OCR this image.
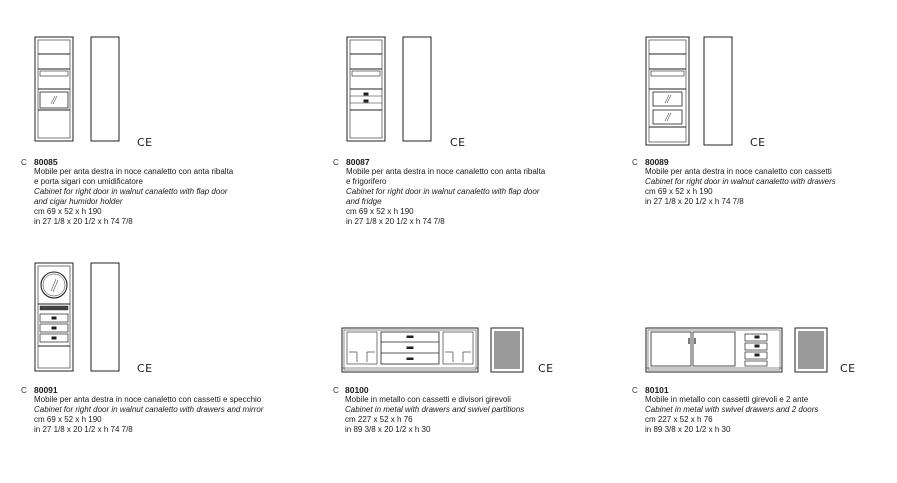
CE	CE	CE
C 80085
Mobile per anta destra in noce canaletto con anta ribalta
e porta sigari con umidificatore
Cabinet for right door in walnut canaletto with flap door
and cigar humidor holder
cm 69 x 52 x h 190
in 27 1/8 x 20 1/2 x h 74 7/8
C 80087
Mobile per anta destra in noce canaletto con anta ribalta
e frigorifero
Cabinet for right door in walnut canaletto with flap door
and fridge
cm 69 x 52 x h 190
in 27 1/8 x 20 1/2 x h 74 7/8
C 80089
Mobile per anta destra in noce canaletto con cassetti
Cabinet for right door in walnut canaletto with drawers
cm 69 x 52 x h 190
in 27 1/8 x 20 1/2 x h 74 7/8
CE	CE	CE
C 80091
Mobile per anta destra in noce canaletto con cassetti e specchio
Cabinet for right door in walnut canaletto with drawers and mirror
cm 69 x 52 x h 190
in 27 1/8 x 20 1/2 x h 74 7/8
C 80100
Mobile in metallo con cassetti e divisori girevoli
Cabinet in metal with drawers and swivel partitions
cm 227 x 52 x h 76
in 89 3/8 x 20 1/2 x h 30
C 80101
Mobile in metallo con cassetti girevoli e 2 ante
Cabinet in metal with swivel drawers and 2 doors
cm 227 x 52 x h 76
in 89 3/8 x 20 1/2 x h 30
